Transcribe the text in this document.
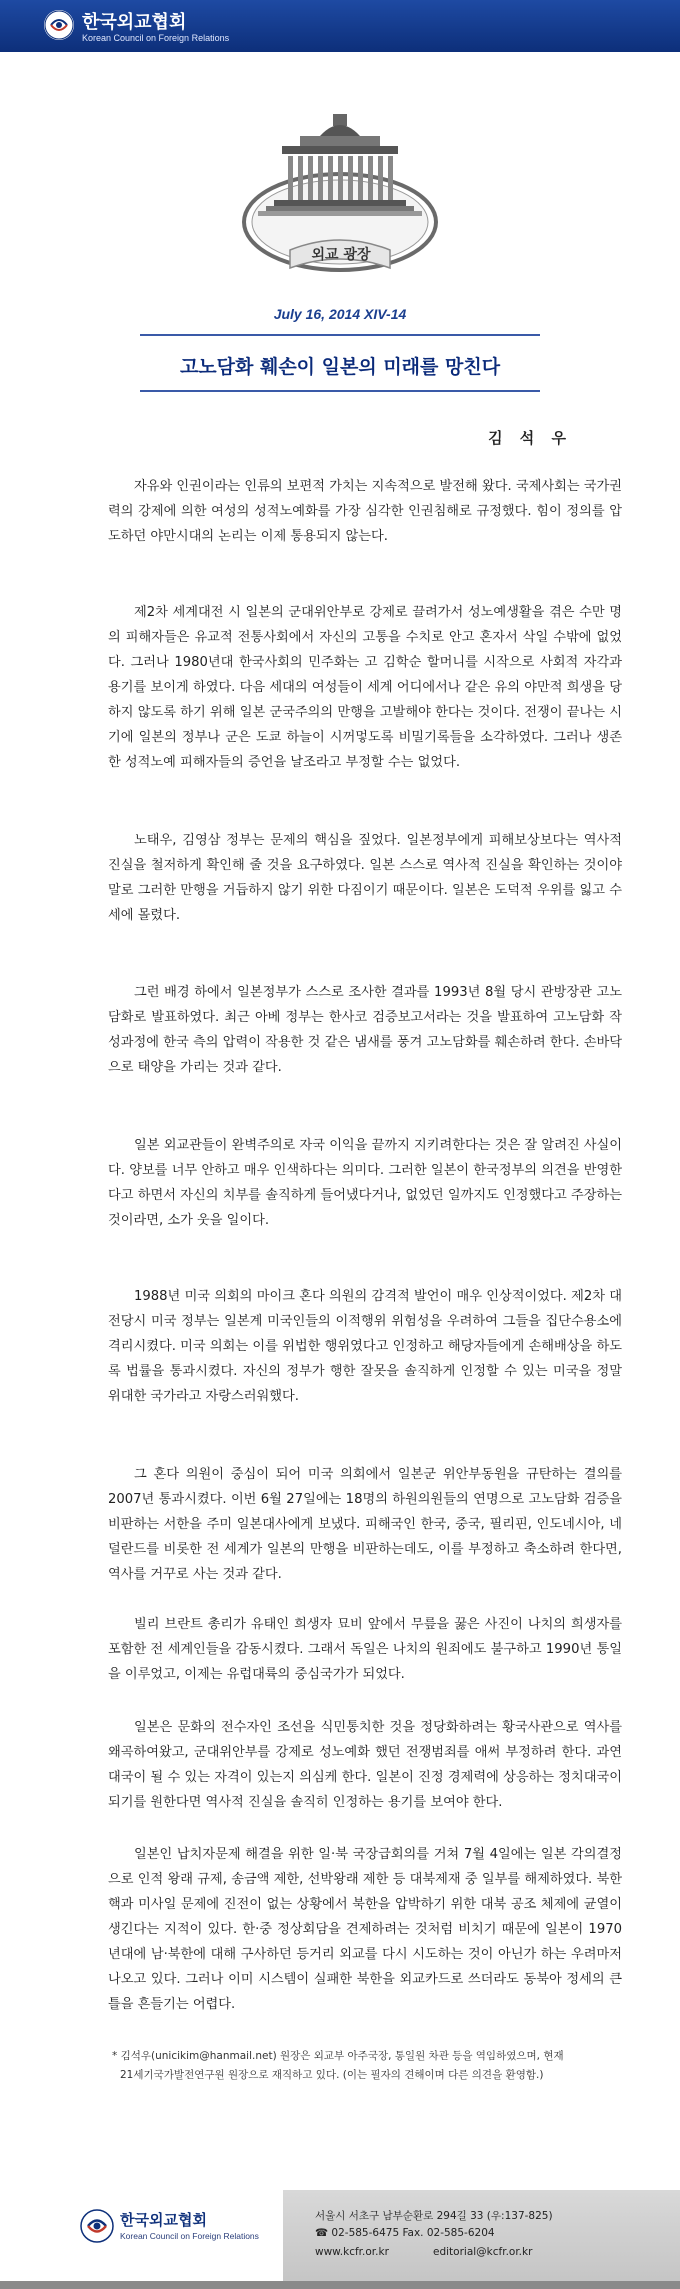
한국외교협회
Korean Council on Foreign Relations
외교 광장
July 16, 2014 XIV-14
고노담화 훼손이 일본의 미래를 망친다
김 석 우

자유와 인권이라는 인류의 보편적 가치는 지속적으로 발전해 왔다. 국제사회는 국가권력의 강제에 의한 여성의 성적노예화를 가장 심각한 인권침해로 규정했다. 힘이 정의를 압도하던 야만시대의 논리는 이제 통용되지 않는다.

제2차 세계대전 시 일본의 군대위안부로 강제로 끌려가서 성노예생활을 겪은 수만 명의 피해자들은 유교적 전통사회에서 자신의 고통을 수치로 안고 혼자서 삭일 수밖에 없었다. 그러나 1980년대 한국사회의 민주화는 고 김학순 할머니를 시작으로 사회적 자각과 용기를 보이게 하였다. 다음 세대의 여성들이 세계 어디에서나 같은 유의 야만적 희생을 당하지 않도록 하기 위해 일본 군국주의의 만행을 고발해야 한다는 것이다. 전쟁이 끝나는 시기에 일본의 정부나 군은 도쿄 하늘이 시꺼멓도록 비밀기록들을 소각하였다. 그러나 생존한 성적노예 피해자들의 증언을 날조라고 부정할 수는 없었다.

노태우, 김영삼 정부는 문제의 핵심을 짚었다. 일본정부에게 피해보상보다는 역사적 진실을 철저하게 확인해 줄 것을 요구하였다. 일본 스스로 역사적 진실을 확인하는 것이야말로 그러한 만행을 거듭하지 않기 위한 다짐이기 때문이다. 일본은 도덕적 우위를 잃고 수세에 몰렸다.

그런 배경 하에서 일본정부가 스스로 조사한 결과를 1993년 8월 당시 관방장관 고노 담화로 발표하였다. 최근 아베 정부는 한사코 검증보고서라는 것을 발표하여 고노담화 작성과정에 한국 측의 압력이 작용한 것 같은 냄새를 풍겨 고노담화를 훼손하려 한다. 손바닥으로 태양을 가리는 것과 같다.

일본 외교관들이 완벽주의로 자국 이익을 끝까지 지키려한다는 것은 잘 알려진 사실이다. 양보를 너무 안하고 매우 인색하다는 의미다. 그러한 일본이 한국정부의 의견을 반영한다고 하면서 자신의 치부를 솔직하게 들어냈다거나, 없었던 일까지도 인정했다고 주장하는 것이라면, 소가 웃을 일이다.

1988년 미국 의회의 마이크 혼다 의원의 감격적 발언이 매우 인상적이었다. 제2차 대전당시 미국 정부는 일본계 미국인들의 이적행위 위험성을 우려하여 그들을 집단수용소에 격리시켰다. 미국 의회는 이를 위법한 행위였다고 인정하고 해당자들에게 손해배상을 하도록 법률을 통과시켰다. 자신의 정부가 행한 잘못을 솔직하게 인정할 수 있는 미국을 정말 위대한 국가라고 자랑스러워했다.

그 혼다 의원이 중심이 되어 미국 의회에서 일본군 위안부동원을 규탄하는 결의를 2007년 통과시켰다. 이번 6월 27일에는 18명의 하원의원들의 연명으로 고노담화 검증을 비판하는 서한을 주미 일본대사에게 보냈다. 피해국인 한국, 중국, 필리핀, 인도네시아, 네덜란드를 비롯한 전 세계가 일본의 만행을 비판하는데도, 이를 부정하고 축소하려 한다면, 역사를 거꾸로 사는 것과 같다.

빌리 브란트 총리가 유태인 희생자 묘비 앞에서 무릎을 꿇은 사진이 나치의 희생자를 포함한 전 세계인들을 감동시켰다. 그래서 독일은 나치의 원죄에도 불구하고 1990년 통일을 이루었고, 이제는 유럽대륙의 중심국가가 되었다.

일본은 문화의 전수자인 조선을 식민통치한 것을 정당화하려는 황국사관으로 역사를 왜곡하여왔고, 군대위안부를 강제로 성노예화 했던 전쟁범죄를 애써 부정하려 한다. 과연 대국이 될 수 있는 자격이 있는지 의심케 한다. 일본이 진정 경제력에 상응하는 정치대국이 되기를 원한다면 역사적 진실을 솔직히 인정하는 용기를 보여야 한다.

일본인 납치자문제 해결을 위한 일·북 국장급회의를 거쳐 7월 4일에는 일본 각의결정으로 인적 왕래 규제, 송금액 제한, 선박왕래 제한 등 대북제재 중 일부를 해제하였다. 북한 핵과 미사일 문제에 진전이 없는 상황에서 북한을 압박하기 위한 대북 공조 체제에 균열이 생긴다는 지적이 있다. 한·중 정상회담을 견제하려는 것처럼 비치기 때문에 일본이 1970년대에 남·북한에 대해 구사하던 등거리 외교를 다시 시도하는 것이 아닌가 하는 우려마저 나오고 있다. 그러나 이미 시스템이 실패한 북한을 외교카드로 쓰더라도 동북아 정세의 큰 틀을 흔들기는 어렵다.

* 김석우(unicikim@hanmail.net) 원장은 외교부 아주국장, 통일원 차관 등을 역임하였으며, 현재
21세기국가발전연구원 원장으로 재직하고 있다. (이는 필자의 견해이며 다른 의견을 환영함.)
한국외교협회
Korean Council on Foreign Relations
서울시 서초구 남부순환로 294길 33 (우:137-825)
☎ 02-585-6475 Fax. 02-585-6204
www.kcfr.or.kr	editorial@kcfr.or.kr
